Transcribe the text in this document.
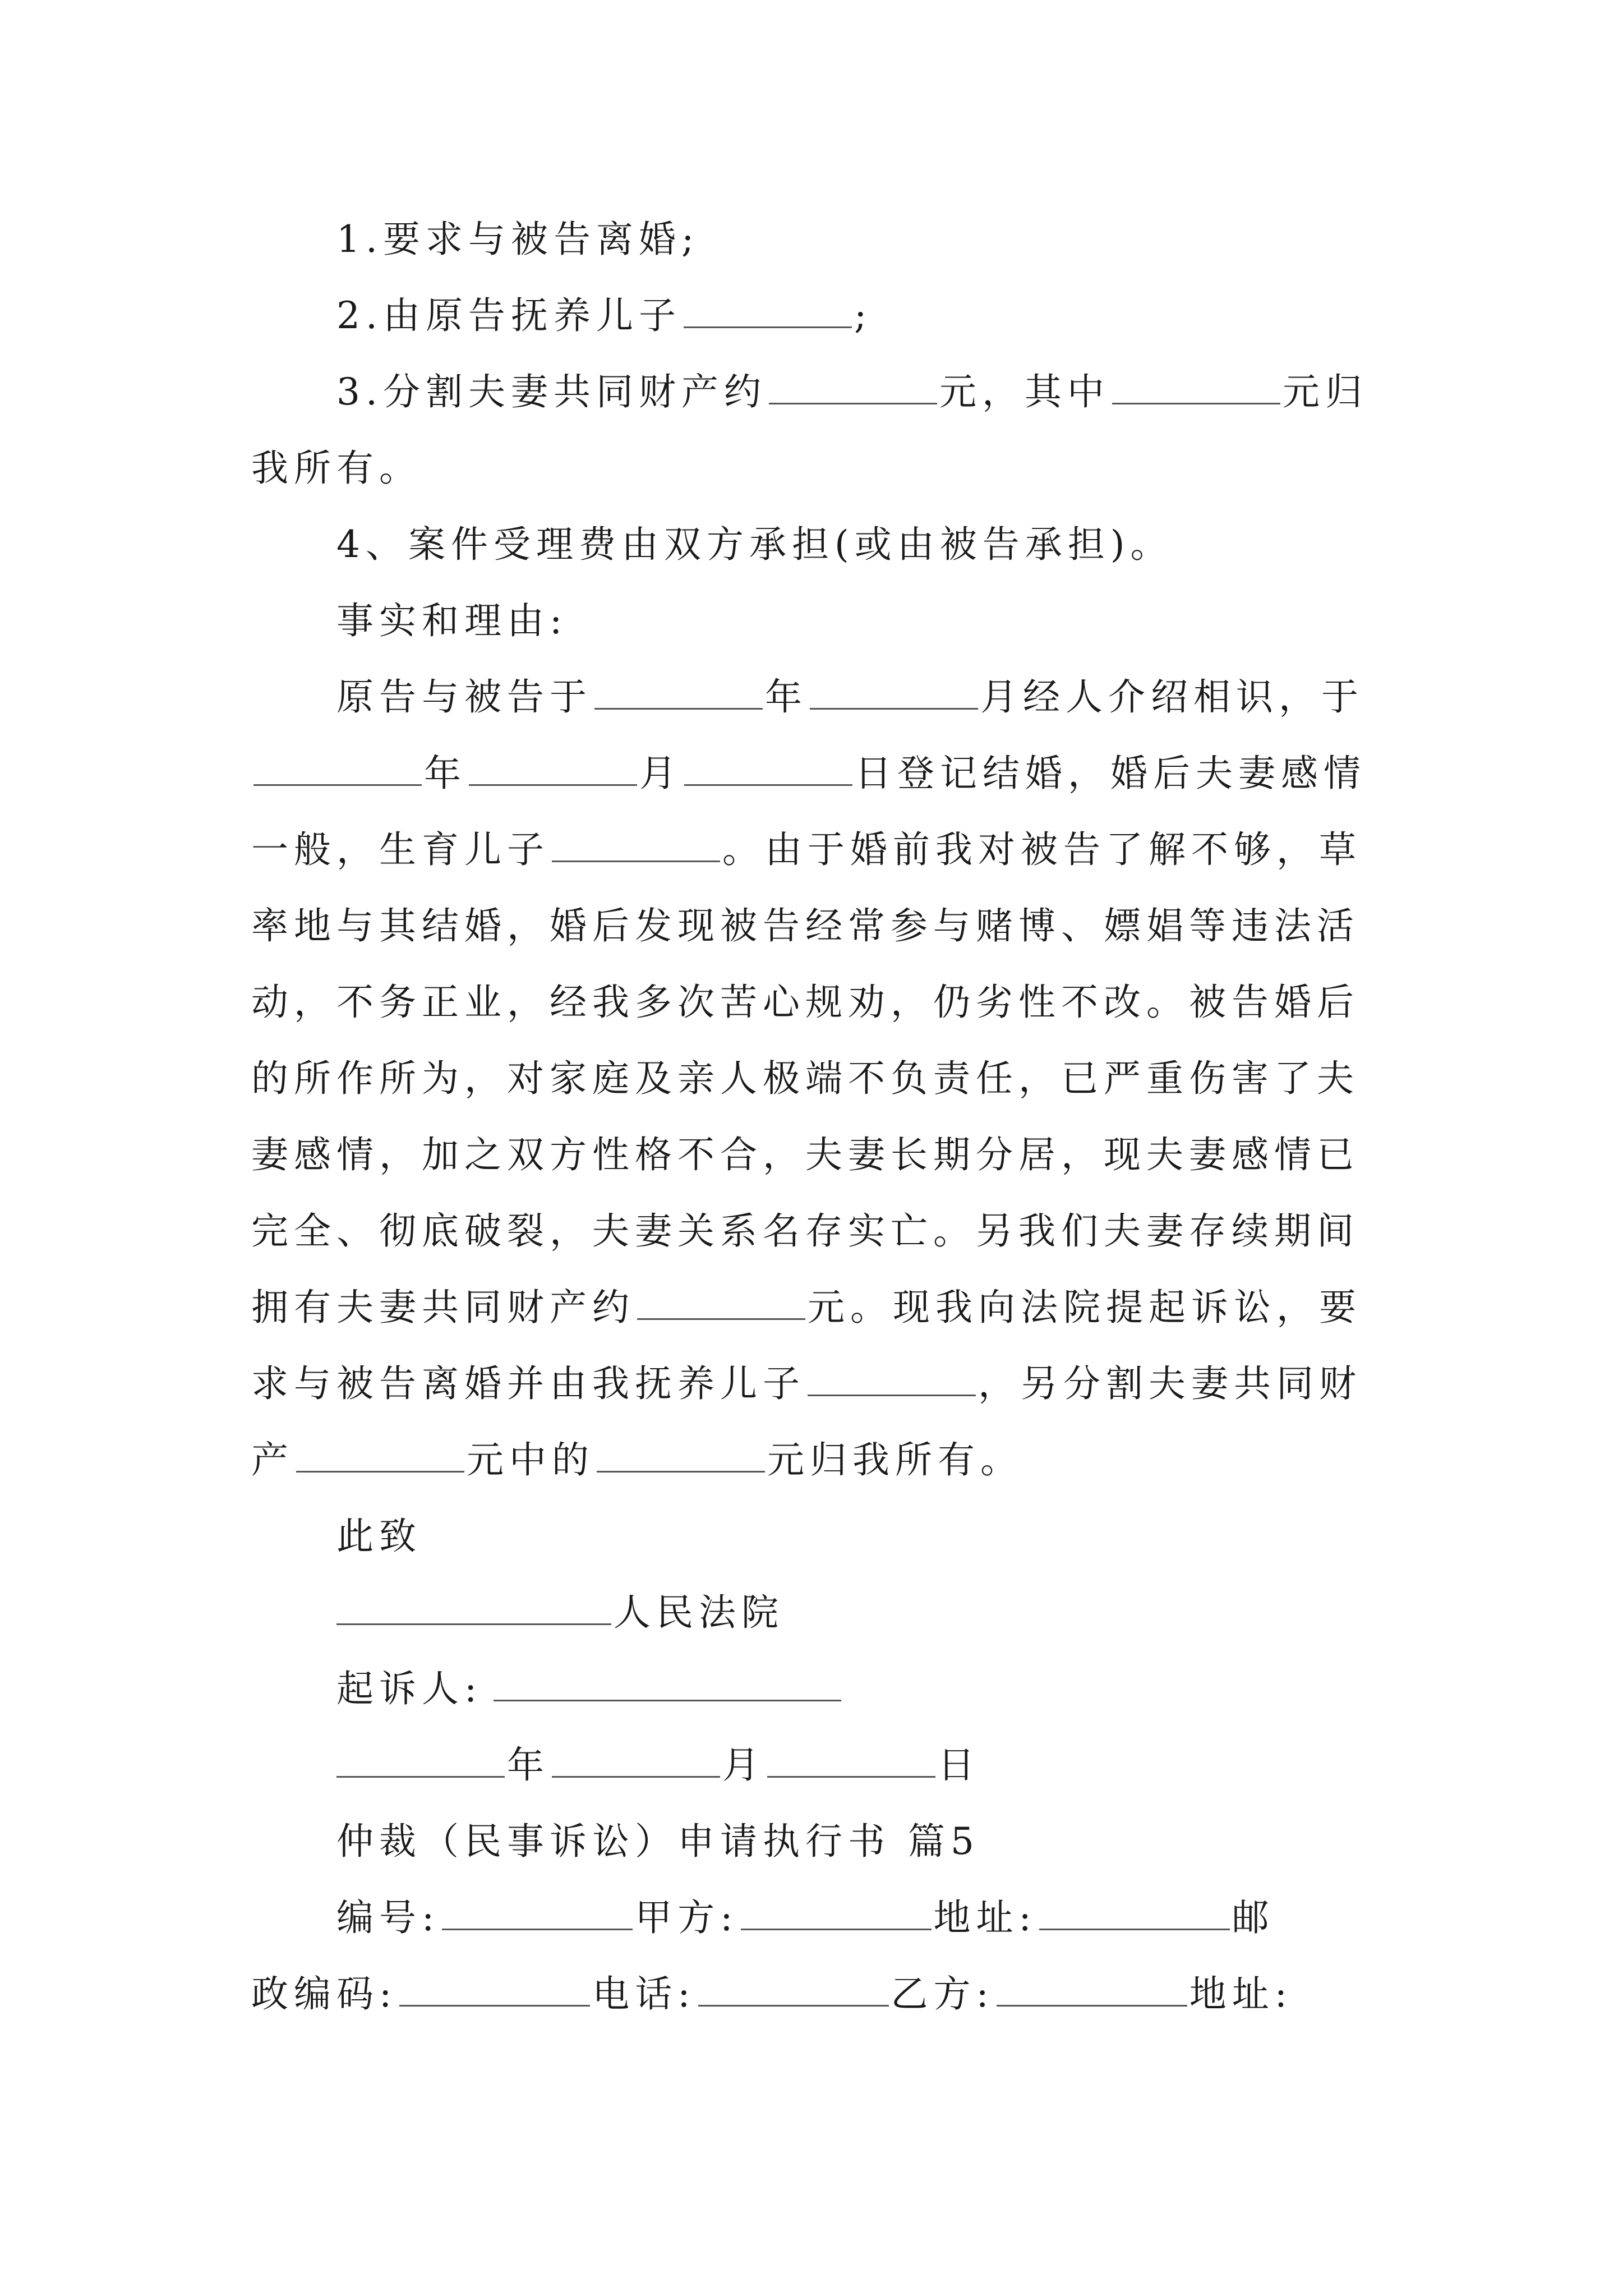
1.要求与被告离婚;
2.由原告抚养儿子	;
3.分割夫妻共同财产约	元，其中	元归
我所有。
4、案件受理费由双方承担(或由被告承担)。
事实和理由:
原告与被告于	年	月经人介绍相识，于
年	月	日登记结婚，婚后夫妻感情
一般，生育儿子	。由于婚前我对被告了解不够，草
率地与其结婚，婚后发现被告经常参与赌博、嫖娼等违法活
动，不务正业，经我多次苦心规劝，仍劣性不改。被告婚后
的所作所为，对家庭及亲人极端不负责任，已严重伤害了夫
妻感情，加之双方性格不合，夫妻长期分居，现夫妻感情已
完全、彻底破裂，夫妻关系名存实亡。另我们夫妻存续期间
拥有夫妻共同财产约	元。现我向法院提起诉讼，要
求与被告离婚并由我抚养儿子	，另分割夫妻共同财
产	元中的	元归我所有。
此致
人民法院
起诉人:
年	月	日
仲裁（民事诉讼）申请执行书 篇5
编号:	甲方:	地址:	邮
政编码:	电话:	乙方:	地址:
